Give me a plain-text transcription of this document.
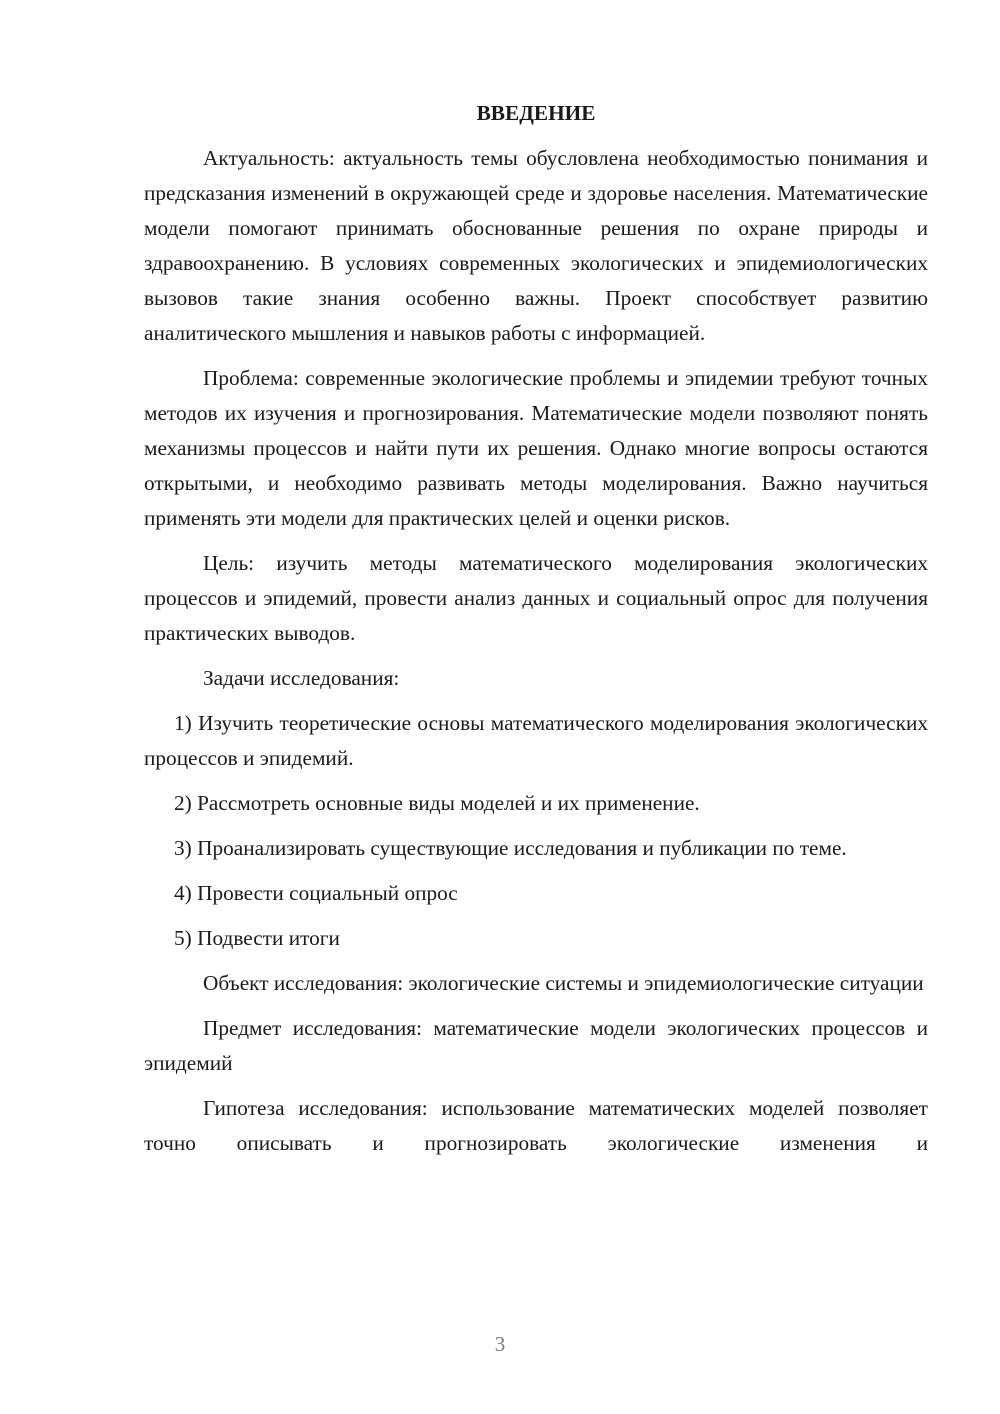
ВВЕДЕНИЕ

Актуальность: актуальность темы обусловлена необходимостью понимания и предсказания изменений в окружающей среде и здоровье населения. Математические модели помогают принимать обоснованные решения по охране природы и здравоохранению. В условиях современных экологических и эпидемиологических вызовов такие знания особенно важны. Проект способствует развитию аналитического мышления и навыков работы с информацией.

Проблема: современные экологические проблемы и эпидемии требуют точных методов их изучения и прогнозирования. Математические модели позволяют понять механизмы процессов и найти пути их решения. Однако многие вопросы остаются открытыми, и необходимо развивать методы моделирования. Важно научиться применять эти модели для практических целей и оценки рисков.

Цель: изучить методы математического моделирования экологических процессов и эпидемий, провести анализ данных и социальный опрос для получения практических выводов.

Задачи исследования:

1) Изучить теоретические основы математического моделирования экологических процессов и эпидемий.

2) Рассмотреть основные виды моделей и их применение.

3) Проанализировать существующие исследования и публикации по теме.

4) Провести социальный опрос

5) Подвести итоги

Объект исследования: экологические системы и эпидемиологические ситуации

Предмет исследования: математические модели экологических процессов и эпидемий

Гипотеза исследования: использование математических моделей позволяет точно описывать и прогнозировать экологические изменения и

3
